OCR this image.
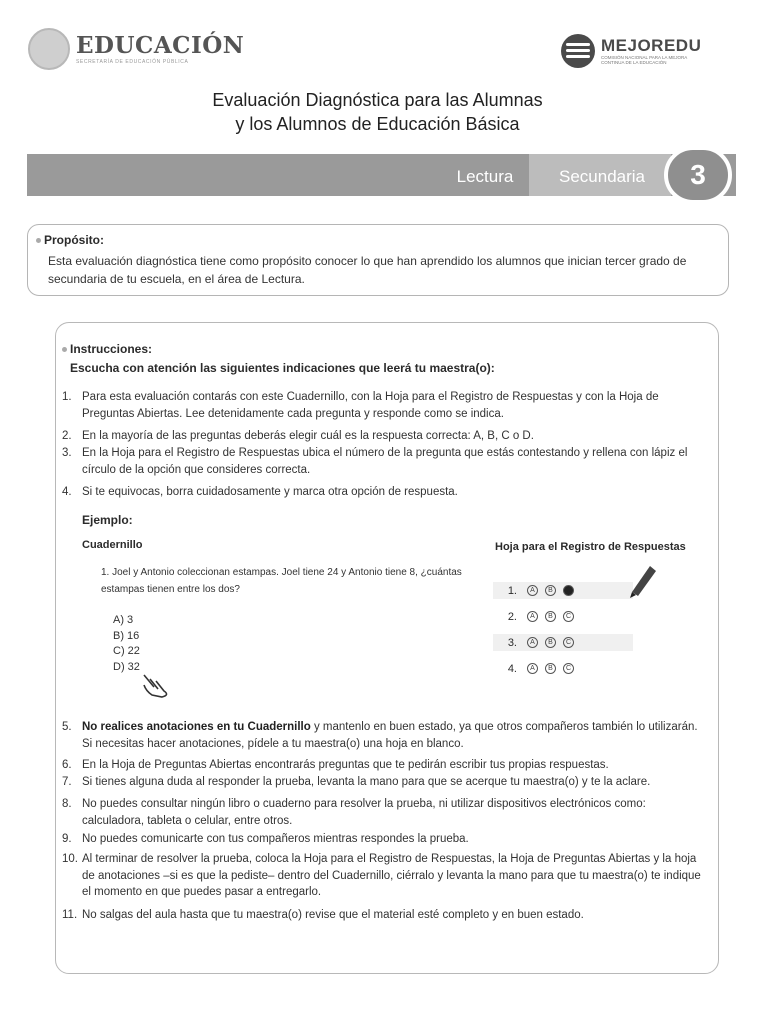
EDUCACIÓN
SECRETARÍA DE EDUCACIÓN PÚBLICA
MEJOREDU
COMISIÓN NACIONAL PARA LA MEJORA CONTINUA DE LA EDUCACIÓN
Evaluación Diagnóstica para las Alumnas
y los Alumnos de Educación Básica
Lectura	Secundaria	3
Propósito:
Esta evaluación diagnóstica tiene como propósito conocer lo que han aprendido los alumnos que inician tercer grado de secundaria de tu escuela, en el área de Lectura.
Instrucciones:
Escucha con atención las siguientes indicaciones que leerá tu maestra(o):
1. Para esta evaluación contarás con este Cuadernillo, con la Hoja para el Registro de Respuestas y con la Hoja de Preguntas Abiertas. Lee detenidamente cada pregunta y responde como se indica.
2. En la mayoría de las preguntas deberás elegir cuál es la respuesta correcta: A, B, C o D.
3. En la Hoja para el Registro de Respuestas ubica el número de la pregunta que estás contestando y rellena con lápiz el círculo de la opción que consideres correcta.
4. Si te equivocas, borra cuidadosamente y marca otra opción de respuesta.
Ejemplo:
Cuadernillo	Hoja para el Registro de Respuestas
1. Joel y Antonio coleccionan estampas. Joel tiene 24 y Antonio tiene 8, ¿cuántas estampas tienen entre los dos?
A) 3
B) 16
C) 22
D) 32
1.	A	B	C
2.	A	B	C
3.	A	B	C
4.	A	B	C
5. No realices anotaciones en tu Cuadernillo y mantenlo en buen estado, ya que otros compañeros también lo utilizarán. Si necesitas hacer anotaciones, pídele a tu maestra(o) una hoja en blanco.
6. En la Hoja de Preguntas Abiertas encontrarás preguntas que te pedirán escribir tus propias respuestas.
7. Si tienes alguna duda al responder la prueba, levanta la mano para que se acerque tu maestra(o) y te la aclare.
8. No puedes consultar ningún libro o cuaderno para resolver la prueba, ni utilizar dispositivos electrónicos como: calculadora, tableta o celular, entre otros.
9. No puedes comunicarte con tus compañeros mientras respondes la prueba.
10. Al terminar de resolver la prueba, coloca la Hoja para el Registro de Respuestas, la Hoja de Preguntas Abiertas y la hoja de anotaciones –si es que la pediste– dentro del Cuadernillo, ciérralo y levanta la mano para que tu maestra(o) te indique el momento en que puedes pasar a entregarlo.
11. No salgas del aula hasta que tu maestra(o) revise que el material esté completo y en buen estado.
